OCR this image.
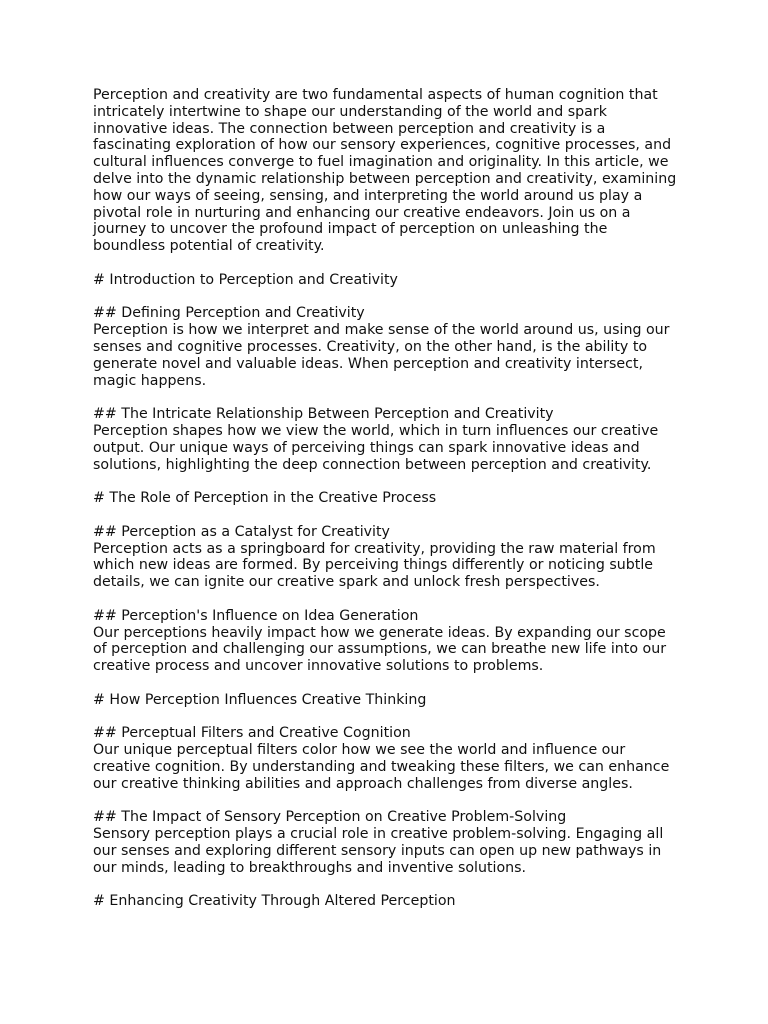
Perception and creativity are two fundamental aspects of human cognition that intricately intertwine to shape our understanding of the world and spark innovative ideas. The connection between perception and creativity is a fascinating exploration of how our sensory experiences, cognitive processes, and cultural influences converge to fuel imagination and originality. In this article, we delve into the dynamic relationship between perception and creativity, examining how our ways of seeing, sensing, and interpreting the world around us play a pivotal role in nurturing and enhancing our creative endeavors. Join us on a journey to uncover the profound impact of perception on unleashing the boundless potential of creativity.

# Introduction to Perception and Creativity

## Defining Perception and Creativity

Perception is how we interpret and make sense of the world around us, using our senses and cognitive processes. Creativity, on the other hand, is the ability to generate novel and valuable ideas. When perception and creativity intersect, magic happens.

## The Intricate Relationship Between Perception and Creativity

Perception shapes how we view the world, which in turn influences our creative output. Our unique ways of perceiving things can spark innovative ideas and solutions, highlighting the deep connection between perception and creativity.

# The Role of Perception in the Creative Process

## Perception as a Catalyst for Creativity

Perception acts as a springboard for creativity, providing the raw material from which new ideas are formed. By perceiving things differently or noticing subtle details, we can ignite our creative spark and unlock fresh perspectives.

## Perception's Influence on Idea Generation

Our perceptions heavily impact how we generate ideas. By expanding our scope of perception and challenging our assumptions, we can breathe new life into our creative process and uncover innovative solutions to problems.

# How Perception Influences Creative Thinking

## Perceptual Filters and Creative Cognition

Our unique perceptual filters color how we see the world and influence our creative cognition. By understanding and tweaking these filters, we can enhance our creative thinking abilities and approach challenges from diverse angles.

## The Impact of Sensory Perception on Creative Problem-Solving

Sensory perception plays a crucial role in creative problem-solving. Engaging all our senses and exploring different sensory inputs can open up new pathways in our minds, leading to breakthroughs and inventive solutions.

# Enhancing Creativity Through Altered Perception
